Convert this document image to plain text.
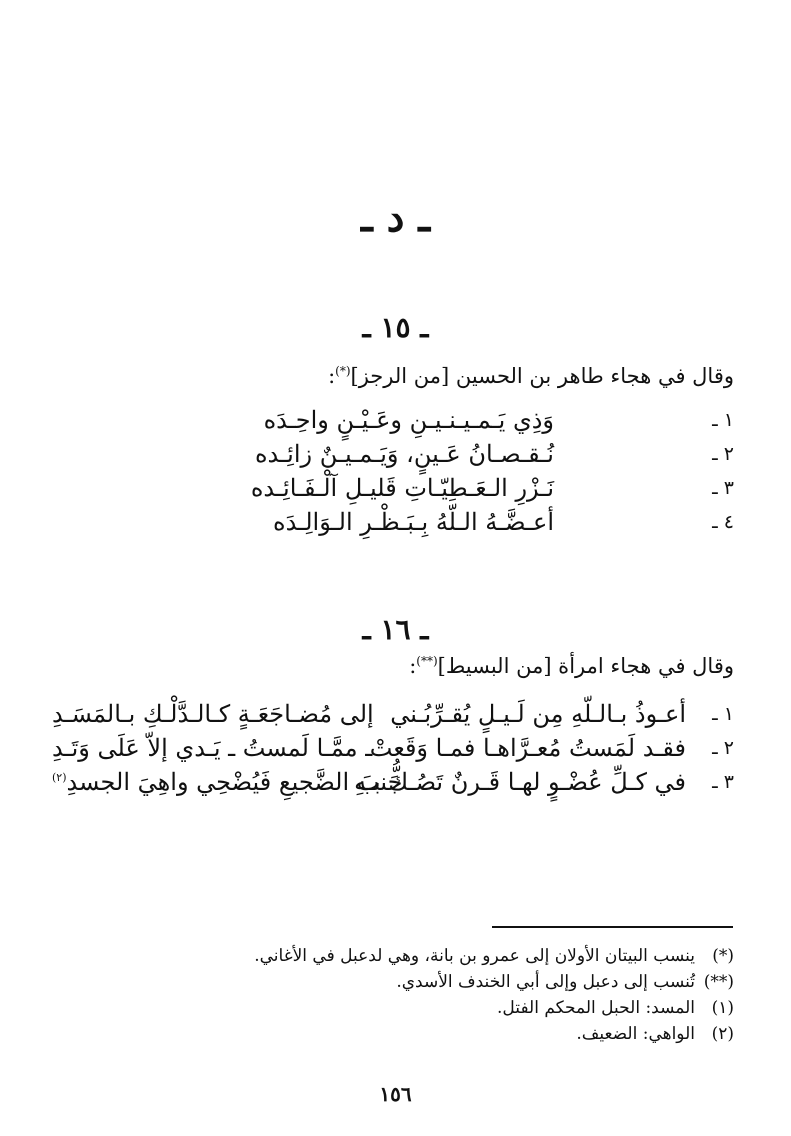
ـ د ـ
ـ ١٥ ـ
وقال في هجاء طاهر بن الحسين [من الرجز](*):
١ ـ
وَذِي يَـمـيـنـيـنِ وعَـيْـنٍ واحِـدَه
٢ ـ
نُـقـصـانُ عَـينٍ، وَيَـمـيـنٌ زائِـده
٣ ـ
نَـزْرِ الـعَـطِيّـاتِ قَليـلِ آلْـفَـائِـده
٤ ـ
أعـضَّـهُ الـلّهُ بِـبَـظْـرِ الـوَالِـدَه
ـ ١٦ ـ
وقال في هجاء امرأة [من البسيط](**):
١ ـ
أعـوذُ بـالـلّهِ مِن لَـيـلٍ يُقـرِّبُـني
إلى مُضـاجَعَـةٍ كـالـدَّلْـكِ بـالمَسَـدِ
٢ ـ
فقـد لَمَستُ مُعـرَّاهـا فمـا وَقَعتْ
ـ ممَّـا لَمستُ ـ يَـدي إلاّ عَلَى وَتَـدِ
٣ ـ
في كـلِّ عُضْـوٍ لهـا قَـرنٌ تَصُـكُّ بـهِ
جَنبَ الضَّجيعِ فَيُضْحِي واهِيَ الجسدِ$^{(٢)}$
(*)
ينسب البيتان الأولان إلى عمرو بن بانة، وهي لدعبل في الأغاني.
(**)
تُنسب إلى دعبل وإلى أبي الخندف الأسدي.
(١)
المسد: الحبل المحكم الفتل.
(٢)
الواهي: الضعيف.
١٥٦
